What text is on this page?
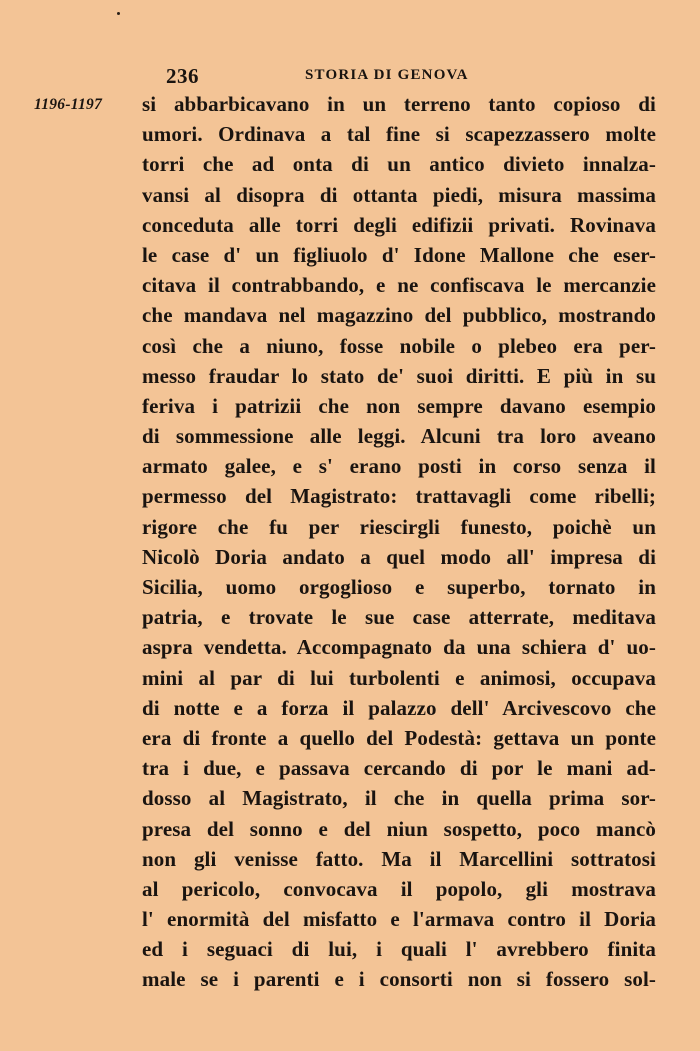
236	STORIA DI GENOVA
1196-1197 si abbarbicavano in un terreno tanto copioso di
umori. Ordinava a tal fine si scapezzassero molte
torri che ad onta di un antico divieto innalza-
vansi al disopra di ottanta piedi, misura massima
conceduta alle torri degli edifizii privati. Rovinava
le case d' un figliuolo d' Idone Mallone che eser-
citava il contrabbando, e ne confiscava le mercanzie
che mandava nel magazzino del pubblico, mostrando
così che a niuno, fosse nobile o plebeo era per-
messo fraudar lo stato de' suoi diritti. E più in su
feriva i patrizii che non sempre davano esempio
di sommessione alle leggi. Alcuni tra loro aveano
armato galee, e s' erano posti in corso senza il
permesso del Magistrato: trattavagli come ribelli;
rigore che fu per riescirgli funesto, poichè un
Nicolò Doria andato a quel modo all' impresa di
Sicilia, uomo orgoglioso e superbo, tornato in
patria, e trovate le sue case atterrate, meditava
aspra vendetta. Accompagnato da una schiera d' uo-
mini al par di lui turbolenti e animosi, occupava
di notte e a forza il palazzo dell' Arcivescovo che
era di fronte a quello del Podestà: gettava un ponte
tra i due, e passava cercando di por le mani ad-
dosso al Magistrato, il che in quella prima sor-
presa del sonno e del niun sospetto, poco mancò
non gli venisse fatto. Ma il Marcellini sottratosi
al pericolo, convocava il popolo, gli mostrava
l' enormità del misfatto e l'armava contro il Doria
ed i seguaci di lui, i quali l' avrebbero finita
male se i parenti e i consorti non si fossero sol-
